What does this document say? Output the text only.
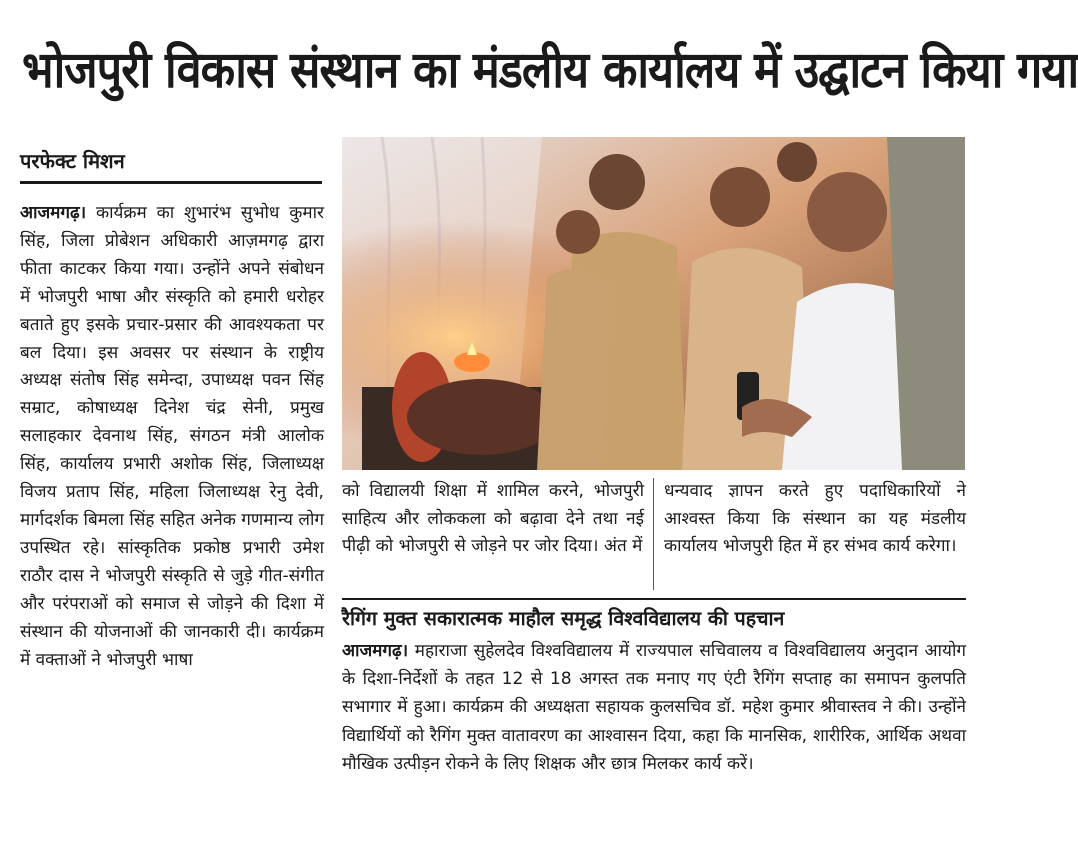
भोजपुरी विकास संस्थान का मंडलीय कार्यालय में उद्घाटन किया गया
परफेक्ट मिशन
आजमगढ़। कार्यक्रम का शुभारंभ सुभोध कुमार सिंह, जिला प्रोबेशन अधिकारी आज़मगढ़ द्वारा फीता काटकर किया गया। उन्होंने अपने संबोधन में भोजपुरी भाषा और संस्कृति को हमारी धरोहर बताते हुए इसके प्रचार-प्रसार की आवश्यकता पर बल दिया। इस अवसर पर संस्थान के राष्ट्रीय अध्यक्ष संतोष सिंह समेन्दा, उपाध्यक्ष पवन सिंह सम्राट, कोषाध्यक्ष दिनेश चंद्र सेनी, प्रमुख सलाहकार देवनाथ सिंह, संगठन मंत्री आलोक सिंह, कार्यालय प्रभारी अशोक सिंह, जिलाध्यक्ष विजय प्रताप सिंह, महिला जिलाध्यक्ष रेनु देवी, मार्गदर्शक बिमला सिंह सहित अनेक गणमान्य लोग उपस्थित रहे। सांस्कृतिक प्रकोष्ठ प्रभारी उमेश राठौर दास ने भोजपुरी संस्कृति से जुड़े गीत-संगीत और परंपराओं को समाज से जोड़ने की दिशा में संस्थान की योजनाओं की जानकारी दी। कार्यक्रम में वक्ताओं ने भोजपुरी भाषा
को विद्यालयी शिक्षा में शामिल करने, भोजपुरी साहित्य और लोककला को बढ़ावा देने तथा नई पीढ़ी को भोजपुरी से जोड़ने पर जोर दिया। अंत में
धन्यवाद ज्ञापन करते हुए पदाधिकारियों ने आश्वस्त किया कि संस्थान का यह मंडलीय कार्यालय भोजपुरी हित में हर संभव कार्य करेगा।
रैगिंग मुक्त सकारात्मक माहौल समृद्ध विश्वविद्यालय की पहचान
आजमगढ़। महाराजा सुहेलदेव विश्वविद्यालय में राज्यपाल सचिवालय व विश्वविद्यालय अनुदान आयोग के दिशा-निर्देशों के तहत 12 से 18 अगस्त तक मनाए गए एंटी रैगिंग सप्ताह का समापन कुलपति सभागार में हुआ। कार्यक्रम की अध्यक्षता सहायक कुलसचिव डॉ. महेश कुमार श्रीवास्तव ने की। उन्होंने विद्यार्थियों को रैगिंग मुक्त वातावरण का आश्वासन दिया, कहा कि मानसिक, शारीरिक, आर्थिक अथवा मौखिक उत्पीड़न रोकने के लिए शिक्षक और छात्र मिलकर कार्य करें।
